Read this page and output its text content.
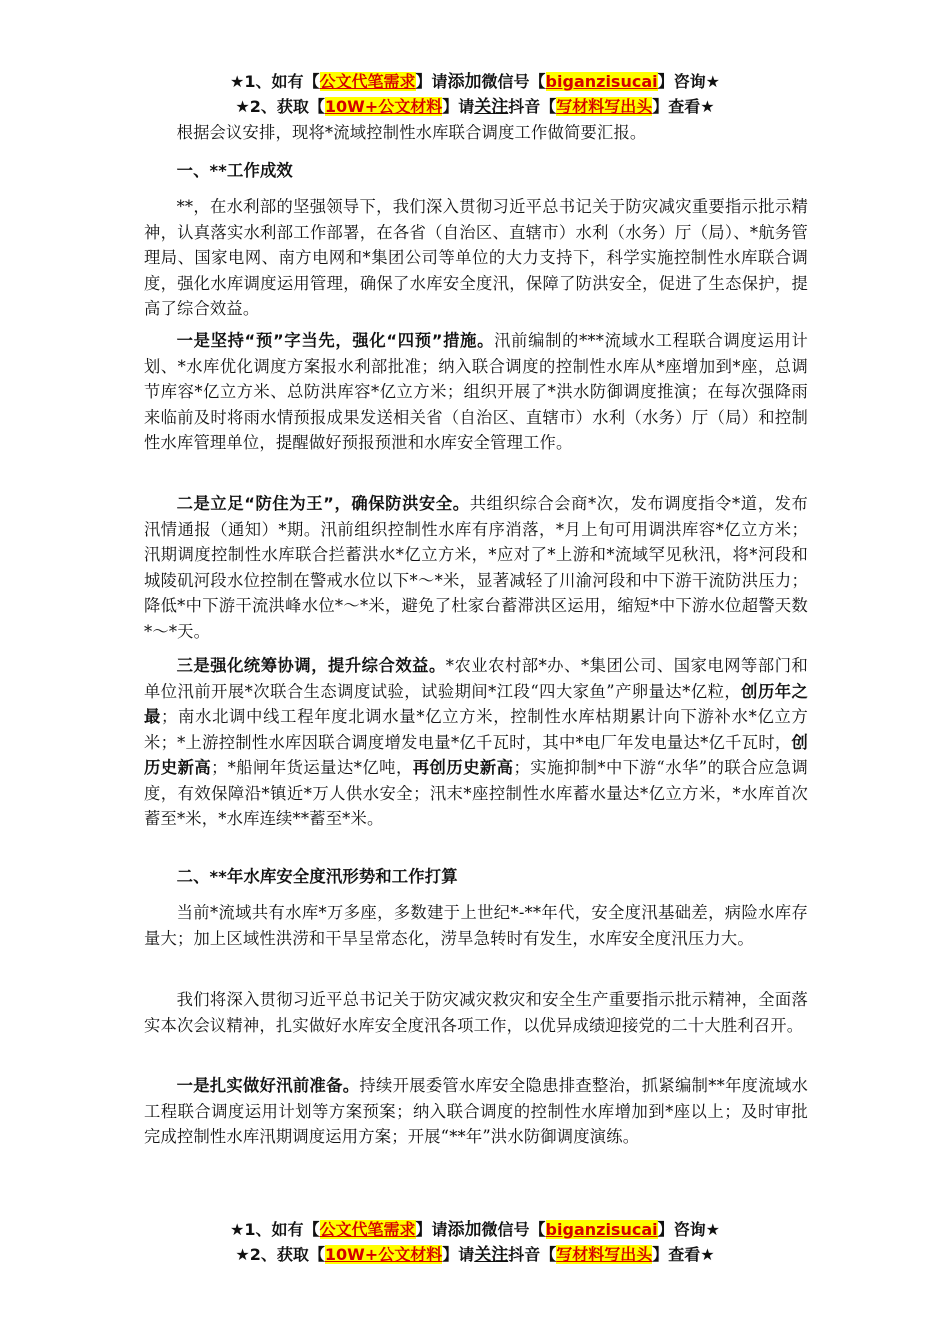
★1、如有【公文代笔需求】请添加微信号【biganzisucai】咨询★
★2、获取【10W+公文材料】请关注抖音【写材料写出头】查看★
根据会议安排，现将*流域控制性水库联合调度工作做简要汇报。
一、**工作成效
**，在水利部的坚强领导下，我们深入贯彻习近平总书记关于防灾减灾重要指示批示精神，认真落实水利部工作部署，在各省（自治区、直辖市）水利（水务）厅（局）、*航务管理局、国家电网、南方电网和*集团公司等单位的大力支持下，科学实施控制性水库联合调度，强化水库调度运用管理，确保了水库安全度汛，保障了防洪安全，促进了生态保护，提高了综合效益。
一是坚持“预”字当先，强化“四预”措施。汛前编制的***流域水工程联合调度运用计划、*水库优化调度方案报水利部批准；纳入联合调度的控制性水库从*座增加到*座，总调节库容*亿立方米、总防洪库容*亿立方米；组织开展了*洪水防御调度推演；在每次强降雨来临前及时将雨水情预报成果发送相关省（自治区、直辖市）水利（水务）厅（局）和控制性水库管理单位，提醒做好预报预泄和水库安全管理工作。
二是立足“防住为王”，确保防洪安全。共组织综合会商*次，发布调度指令*道，发布汛情通报（通知）*期。汛前组织控制性水库有序消落，*月上旬可用调洪库容*亿立方米；汛期调度控制性水库联合拦蓄洪水*亿立方米，*应对了*上游和*流域罕见秋汛，将*河段和城陵矶河段水位控制在警戒水位以下*～*米，显著减轻了川渝河段和中下游干流防洪压力；降低*中下游干流洪峰水位*～*米，避免了杜家台蓄滞洪区运用，缩短*中下游水位超警天数*～*天。
三是强化统筹协调，提升综合效益。*农业农村部*办、*集团公司、国家电网等部门和单位汛前开展*次联合生态调度试验，试验期间*江段“四大家鱼”产卵量达*亿粒，创历年之最；南水北调中线工程年度北调水量*亿立方米，控制性水库枯期累计向下游补水*亿立方米；*上游控制性水库因联合调度增发电量*亿千瓦时，其中*电厂年发电量达*亿千瓦时，创历史新高；*船闸年货运量达*亿吨，再创历史新高；实施抑制*中下游“水华”的联合应急调度，有效保障沿*镇近*万人供水安全；汛末*座控制性水库蓄水量达*亿立方米，*水库首次蓄至*米，*水库连续**蓄至*米。
二、**年水库安全度汛形势和工作打算
当前*流域共有水库*万多座，多数建于上世纪*-**年代，安全度汛基础差，病险水库存量大；加上区域性洪涝和干旱呈常态化，涝旱急转时有发生，水库安全度汛压力大。
我们将深入贯彻习近平总书记关于防灾减灾救灾和安全生产重要指示批示精神，全面落实本次会议精神，扎实做好水库安全度汛各项工作，以优异成绩迎接党的二十大胜利召开。
一是扎实做好汛前准备。持续开展委管水库安全隐患排查整治，抓紧编制**年度流域水工程联合调度运用计划等方案预案；纳入联合调度的控制性水库增加到*座以上；及时审批完成控制性水库汛期调度运用方案；开展“**年”洪水防御调度演练。
★1、如有【公文代笔需求】请添加微信号【biganzisucai】咨询★
★2、获取【10W+公文材料】请关注抖音【写材料写出头】查看★
